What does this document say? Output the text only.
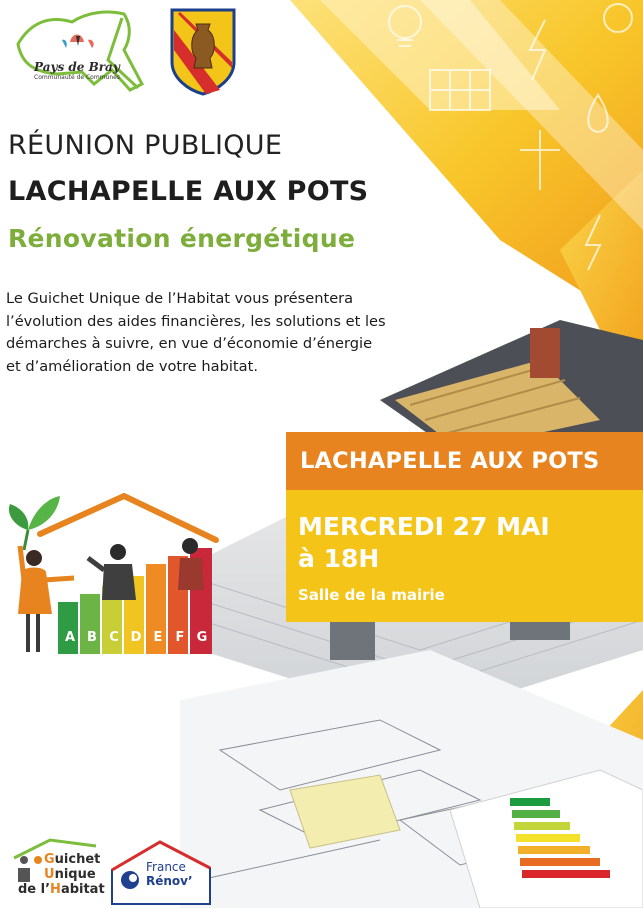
Pays de Bray
Communauté de Communes
RÉUNION PUBLIQUE
LACHAPELLE AUX POTS
Rénovation énergétique
Le Guichet Unique de l’Habitat vous présentera
l’évolution des aides financières, les solutions et les
démarches à suivre, en vue d’économie d’énergie
et d’amélioration de votre habitat.
LACHAPELLE AUX POTS
MERCREDI 27 MAI
à 18H
Salle de la mairie
A B C D E F G
Guichet
Unique
de l’Habitat
France
Rénov’
